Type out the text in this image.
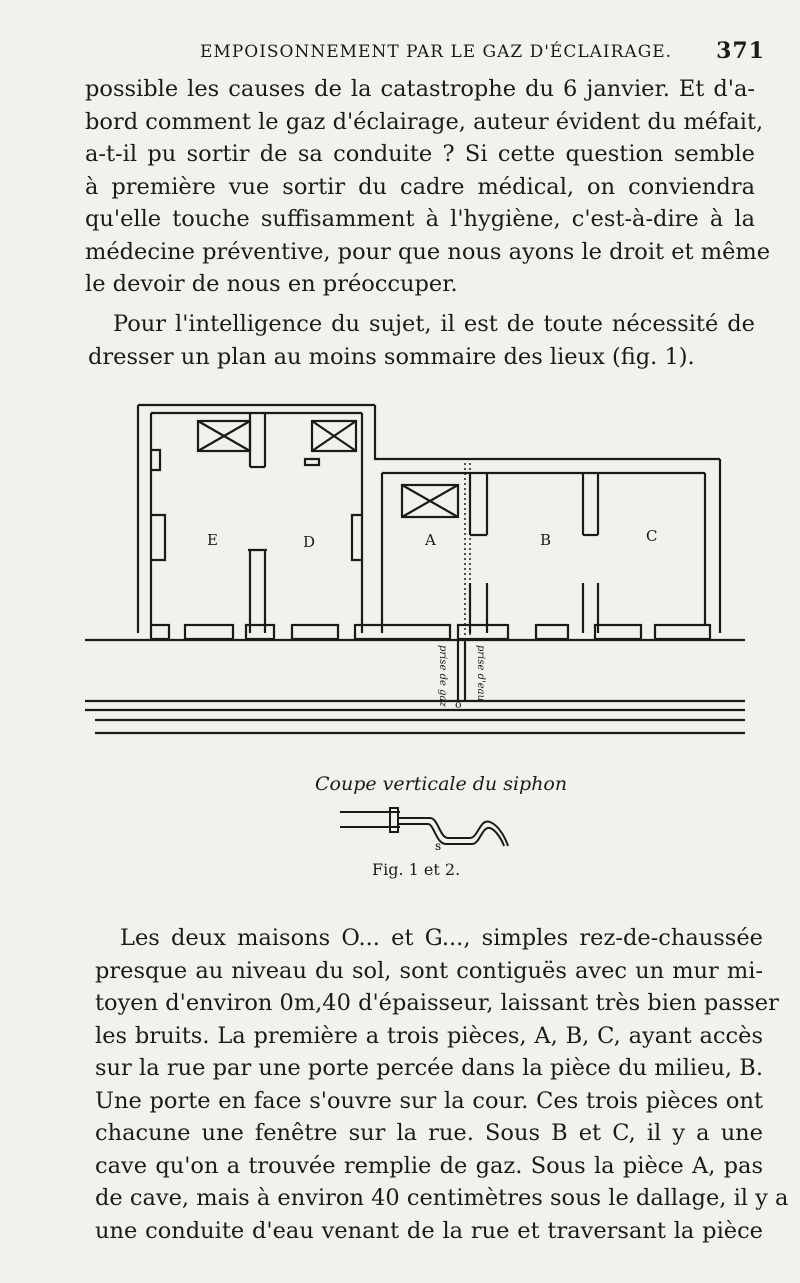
EMPOISONNEMENT PAR LE GAZ D'ÉCLAIRAGE. 371
possible les causes de la catastrophe du 6 janvier. Et d'a-
bord comment le gaz d'éclairage, auteur évident du méfait,
a-t-il pu sortir de sa conduite ? Si cette question semble
à première vue sortir du cadre médical, on conviendra
qu'elle touche suffisamment à l'hygiène, c'est-à-dire à la
médecine préventive, pour que nous ayons le droit et même
le devoir de nous en préoccuper.
Pour l'intelligence du sujet, il est de toute nécessité de
dresser un plan au moins sommaire des lieux (fig. 1).
E	D	A	B	C
o
prise de gaz	prise d'eau
Coupe verticale du siphon
s
Fig. 1 et 2.
Les deux maisons O... et G..., simples rez-de-chaussée
presque au niveau du sol, sont contiguës avec un mur mi-
toyen d'environ 0m,40 d'épaisseur, laissant très bien passer
les bruits. La première a trois pièces, A, B, C, ayant accès
sur la rue par une porte percée dans la pièce du milieu, B.
Une porte en face s'ouvre sur la cour. Ces trois pièces ont
chacune une fenêtre sur la rue. Sous B et C, il y a une
cave qu'on a trouvée remplie de gaz. Sous la pièce A, pas
de cave, mais à environ 40 centimètres sous le dallage, il y a
une conduite d'eau venant de la rue et traversant la pièce
